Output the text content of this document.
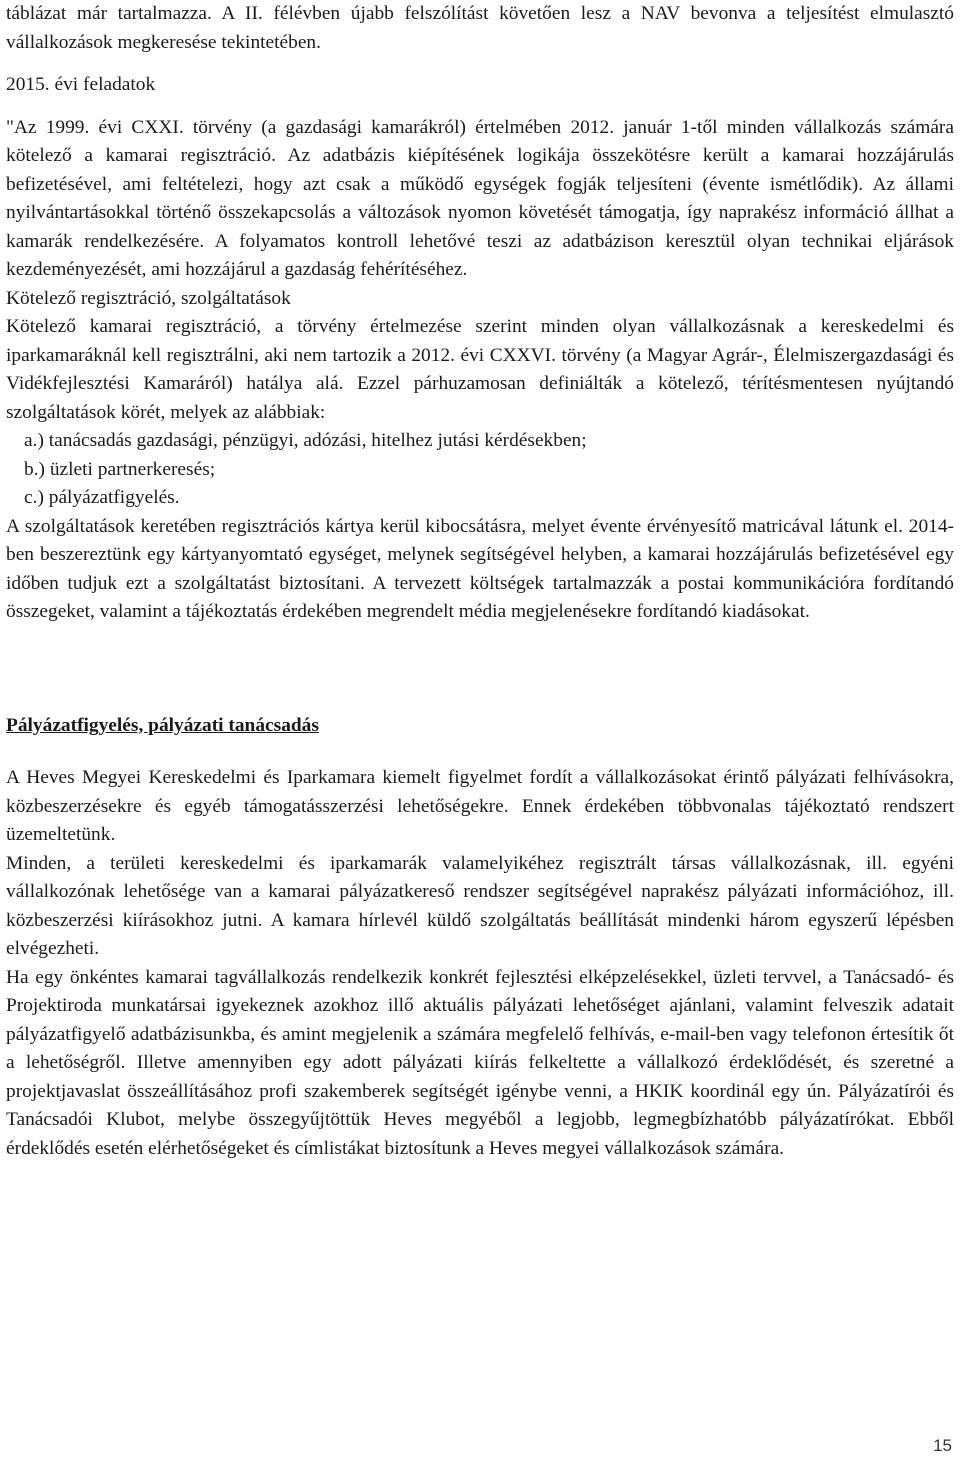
táblázat már tartalmazza. A II. félévben újabb felszólítást követően lesz a NAV bevonva a teljesítést elmulasztó vállalkozások megkeresése tekintetében.

2015. évi feladatok

"Az 1999. évi CXXI. törvény (a gazdasági kamarákról) értelmében 2012. január 1-től minden vállalkozás számára kötelező a kamarai regisztráció. Az adatbázis kiépítésének logikája összekötésre került a kamarai hozzájárulás befizetésével, ami feltételezi, hogy azt csak a működő egységek fogják teljesíteni (évente ismétlődik). Az állami nyilvántartásokkal történő összekapcsolás a változások nyomon követését támogatja, így naprakész információ állhat a kamarák rendelkezésére. A folyamatos kontroll lehetővé teszi az adatbázison keresztül olyan technikai eljárások kezdeményezését, ami hozzájárul a gazdaság fehérítéséhez.

Kötelező regisztráció, szolgáltatások

Kötelező kamarai regisztráció, a törvény értelmezése szerint minden olyan vállalkozásnak a kereskedelmi és iparkamaráknál kell regisztrálni, aki nem tartozik a 2012. évi CXXVI. törvény (a Magyar Agrár-, Élelmiszergazdasági és Vidékfejlesztési Kamaráról) hatálya alá. Ezzel párhuzamosan definiálták a kötelező, térítésmentesen nyújtandó szolgáltatások körét, melyek az alábbiak:

a.) tanácsadás gazdasági, pénzügyi, adózási, hitelhez jutási kérdésekben;

b.) üzleti partnerkeresés;

c.) pályázatfigyelés.

A szolgáltatások keretében regisztrációs kártya kerül kibocsátásra, melyet évente érvényesítő matricával látunk el. 2014-ben beszereztünk egy kártyanyomtató egységet, melynek segítségével helyben, a kamarai hozzájárulás befizetésével egy időben tudjuk ezt a szolgáltatást biztosítani. A tervezett költségek tartalmazzák a postai kommunikációra fordítandó összegeket, valamint a tájékoztatás érdekében megrendelt média megjelenésekre fordítandó kiadásokat.

Pályázatfigyelés, pályázati tanácsadás

A Heves Megyei Kereskedelmi és Iparkamara kiemelt figyelmet fordít a vállalkozásokat érintő pályázati felhívásokra, közbeszerzésekre és egyéb támogatásszerzési lehetőségekre. Ennek érdekében többvonalas tájékoztató rendszert üzemeltetünk.

Minden, a területi kereskedelmi és iparkamarák valamelyikéhez regisztrált társas vállalkozásnak, ill. egyéni vállalkozónak lehetősége van a kamarai pályázatkereső rendszer segítségével naprakész pályázati információhoz, ill. közbeszerzési kiírásokhoz jutni. A kamara hírlevél küldő szolgáltatás beállítását mindenki három egyszerű lépésben elvégezheti.

Ha egy önkéntes kamarai tagvállalkozás rendelkezik konkrét fejlesztési elképzelésekkel, üzleti tervvel, a Tanácsadó- és Projektiroda munkatársai igyekeznek azokhoz illő aktuális pályázati lehetőséget ajánlani, valamint felveszik adatait pályázatfigyelő adatbázisunkba, és amint megjelenik a számára megfelelő felhívás, e-mail-ben vagy telefonon értesítik őt a lehetőségről. Illetve amennyiben egy adott pályázati kiírás felkeltette a vállalkozó érdeklődését, és szeretné a projektjavaslat összeállításához profi szakemberek segítségét igénybe venni, a HKIK koordinál egy ún. Pályázatírói és Tanácsadói Klubot, melybe összegyűjtöttük Heves megyéből a legjobb, legmegbízhatóbb pályázatírókat. Ebből érdeklődés esetén elérhetőségeket és címlistákat biztosítunk a Heves megyei vállalkozások számára.

15
